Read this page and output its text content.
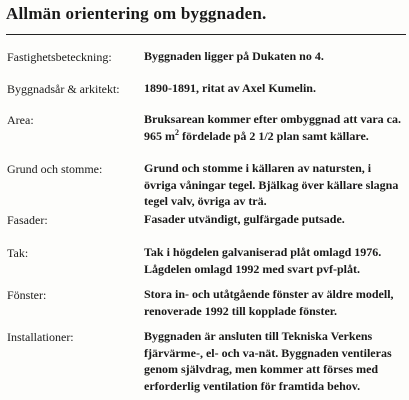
Allmän orientering om byggnaden.
Fastighetsbeteckning:	Byggnaden ligger på Dukaten no 4.
Byggnadsår & arkitekt: 1890-1891, ritat av Axel Kumelin.
Area:	Bruksarean kommer efter ombyggnad att vara ca.
965 $m^2$ fördelade på 2 1/2 plan samt källare.
Grund och stomme:	Grund och stomme i källaren av natursten, i
övriga våningar tegel. Bjälkag över källare slagna
tegel valv, övriga av trä.
Fasader:	Fasader utvändigt, gulfärgade putsade.
Tak:	Tak i högdelen galvaniserad plåt omlagd 1976.
Lågdelen omlagd 1992 med svart pvf-plåt.
Fönster:	Stora in- och utåtgående fönster av äldre modell,
renoverade 1992 till kopplade fönster.
Installationer:	Byggnaden är ansluten till Tekniska Verkens
fjärvärme-, el- och va-nät. Byggnaden ventileras
genom självdrag, men kommer att förses med
erforderlig ventilation för framtida behov.
